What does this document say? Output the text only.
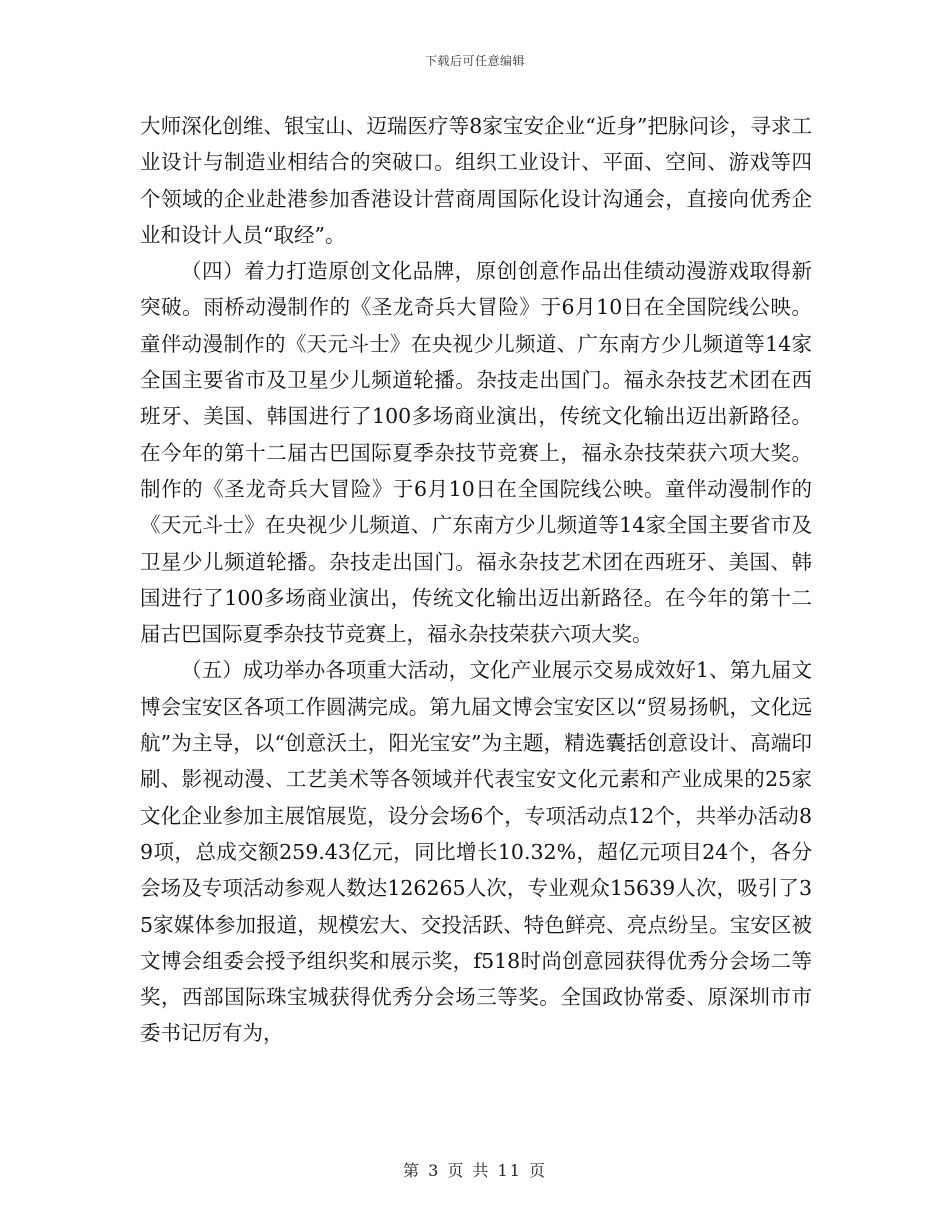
下载后可任意编辑

大师深化创维、银宝山、迈瑞医疗等8家宝安企业“近身”把脉问诊，寻求工业设计与制造业相结合的突破口。组织工业设计、平面、空间、游戏等四个领域的企业赴港参加香港设计营商周国际化设计沟通会，直接向优秀企业和设计人员“取经”。

（四）着力打造原创文化品牌，原创创意作品出佳绩动漫游戏取得新突破。雨桥动漫制作的《圣龙奇兵大冒险》于6月10日在全国院线公映。童伴动漫制作的《天元斗士》在央视少儿频道、广东南方少儿频道等14家全国主要省市及卫星少儿频道轮播。杂技走出国门。福永杂技艺术团在西班牙、美国、韩国进行了100多场商业演出，传统文化输出迈出新路径。在今年的第十二届古巴国际夏季杂技节竞赛上，福永杂技荣获六项大奖。制作的《圣龙奇兵大冒险》于6月10日在全国院线公映。童伴动漫制作的《天元斗士》在央视少儿频道、广东南方少儿频道等14家全国主要省市及卫星少儿频道轮播。杂技走出国门。福永杂技艺术团在西班牙、美国、韩国进行了100多场商业演出，传统文化输出迈出新路径。在今年的第十二届古巴国际夏季杂技节竞赛上，福永杂技荣获六项大奖。

（五）成功举办各项重大活动，文化产业展示交易成效好1、第九届文博会宝安区各项工作圆满完成。第九届文博会宝安区以“贸易扬帆，文化远航”为主导，以“创意沃土，阳光宝安”为主题，精选囊括创意设计、高端印刷、影视动漫、工艺美术等各领域并代表宝安文化元素和产业成果的25家文化企业参加主展馆展览，设分会场6个，专项活动点12个，共举办活动89项，总成交额259.43亿元，同比增长10.32%，超亿元项目24个，各分会场及专项活动参观人数达126265人次，专业观众15639人次，吸引了35家媒体参加报道，规模宏大、交投活跃、特色鲜亮、亮点纷呈。宝安区被文博会组委会授予组织奖和展示奖，f518时尚创意园获得优秀分会场二等奖，西部国际珠宝城获得优秀分会场三等奖。全国政协常委、原深圳市市委书记厉有为，

第 3 页 共 11 页
